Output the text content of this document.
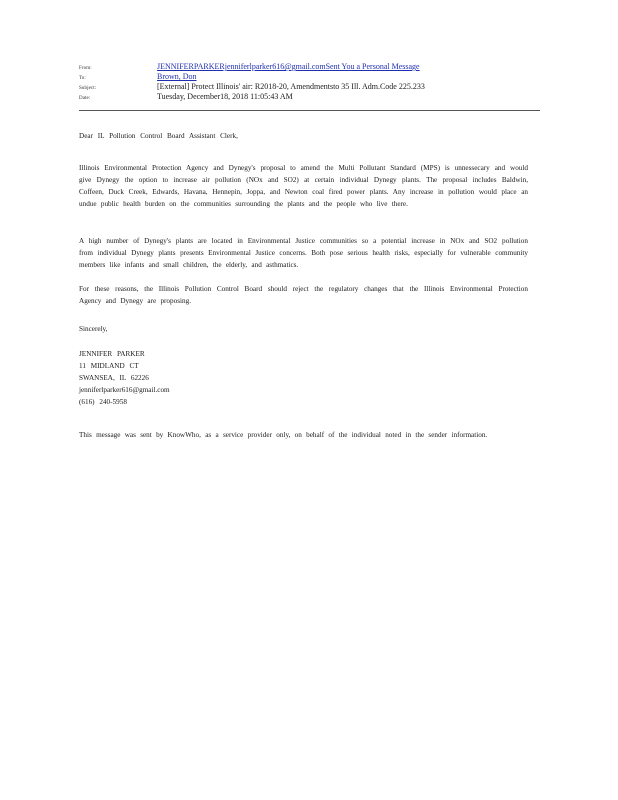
From:	JENNIFERPARKERjenniferlparker616@gmail.comSent You a Personal Message
To:	Brown, Don
Subject:	[External] Protect Illinois' air: R2018-20, Amendmentsto 35 Ill. Adm.Code 225.233
Date:	Tuesday, December18, 2018 11:05:43 AM
Dear IL Pollution Control Board Assistant Clerk,

Illinois Environmental Protection Agency and Dynegy's proposal to amend the Multi Pollutant Standard (MPS) is unnessecary and would give Dynegy the option to increase air pollution (NOx and SO2) at certain individual Dynegy plants. The proposal includes Baldwin, Coffeen, Duck Creek, Edwards, Havana, Hennepin, Joppa, and Newton coal fired power plants. Any increase in pollution would place an undue public health burden on the communities surrounding the plants and the people who live there.

A high number of Dynegy's plants are located in Environmental Justice communities so a potential increase in NOx and SO2 pollution from individual Dynegy plants presents Environmental Justice concerns. Both pose serious health risks, especially for vulnerable community members like infants and small children, the elderly, and asthmatics.

For these reasons, the Illinois Pollution Control Board should reject the regulatory changes that the Illinois Environmental Protection Agency and Dynegy are proposing.

Sincerely,
JENNIFER PARKER
11 MIDLAND CT
SWANSEA, IL 62226
jenniferlparker616@gmail.com
(616) 240-5958

This message was sent by KnowWho, as a service provider only, on behalf of the individual noted in the sender information.
